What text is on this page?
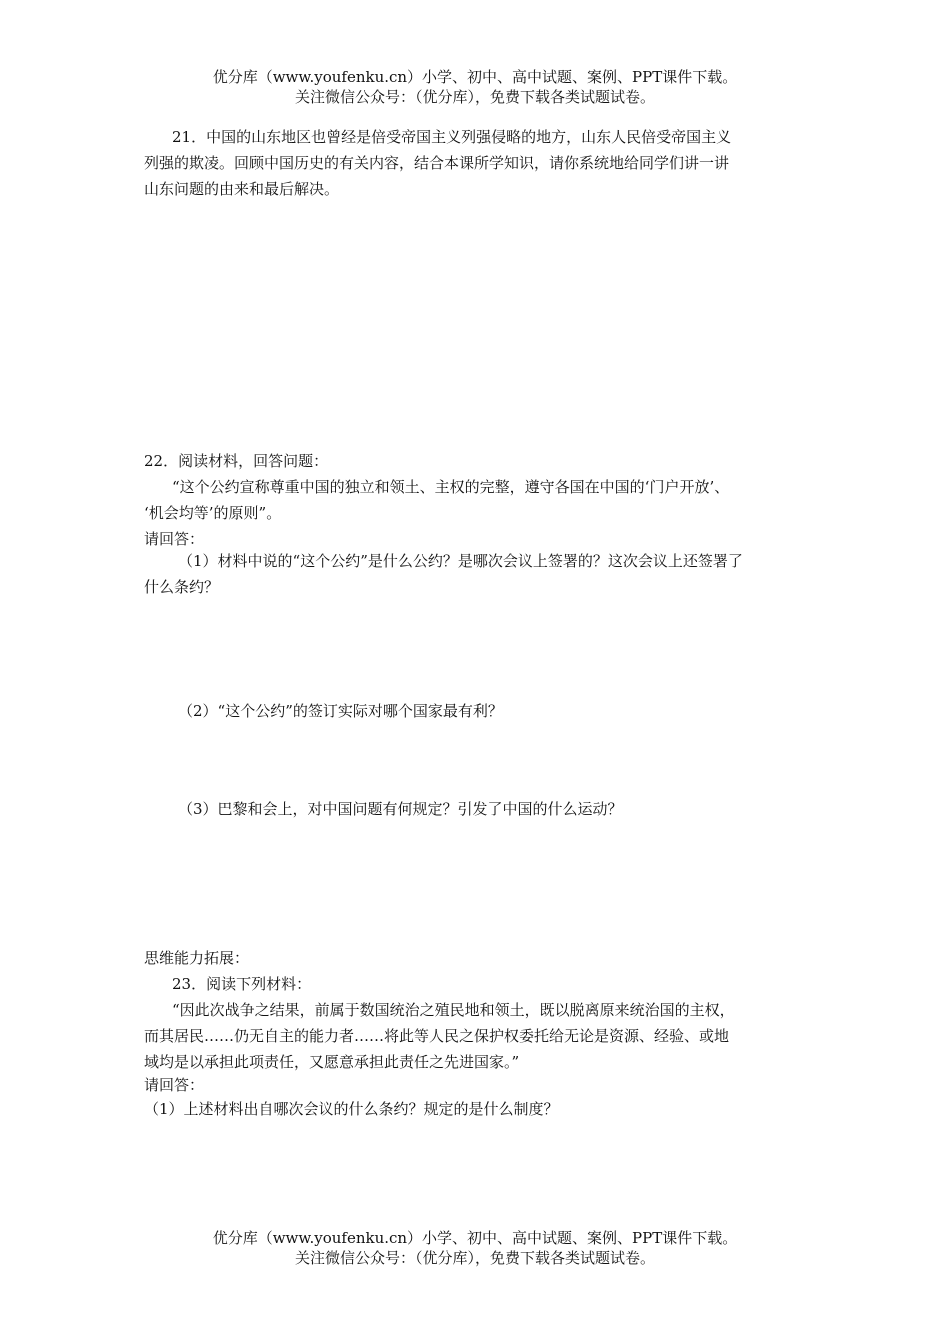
优分库（www.youfenku.cn）小学、初中、高中试题、案例、PPT课件下载。
关注微信公众号：（优分库），免费下载各类试题试卷。
21．中国的山东地区也曾经是倍受帝国主义列强侵略的地方，山东人民倍受帝国主义
列强的欺凌。回顾中国历史的有关内容，结合本课所学知识，请你系统地给同学们讲一讲
山东问题的由来和最后解决。
22．阅读材料，回答问题：
“这个公约宣称尊重中国的独立和领土、主权的完整，遵守各国在中国的‘门户开放’、
‘机会均等’的原则”。
请回答：
（1）材料中说的“这个公约”是什么公约？是哪次会议上签署的？这次会议上还签署了
什么条约？
（2）“这个公约”的签订实际对哪个国家最有利？
（3）巴黎和会上，对中国问题有何规定？引发了中国的什么运动？
思维能力拓展：
23．阅读下列材料：
“因此次战争之结果，前属于数国统治之殖民地和领土，既以脱离原来统治国的主权，
而其居民……仍无自主的能力者……将此等人民之保护权委托给无论是资源、经验、或地
域均是以承担此项责任，又愿意承担此责任之先进国家。”
请回答：
（1）上述材料出自哪次会议的什么条约？规定的是什么制度？
优分库（www.youfenku.cn）小学、初中、高中试题、案例、PPT课件下载。
关注微信公众号：（优分库），免费下载各类试题试卷。
